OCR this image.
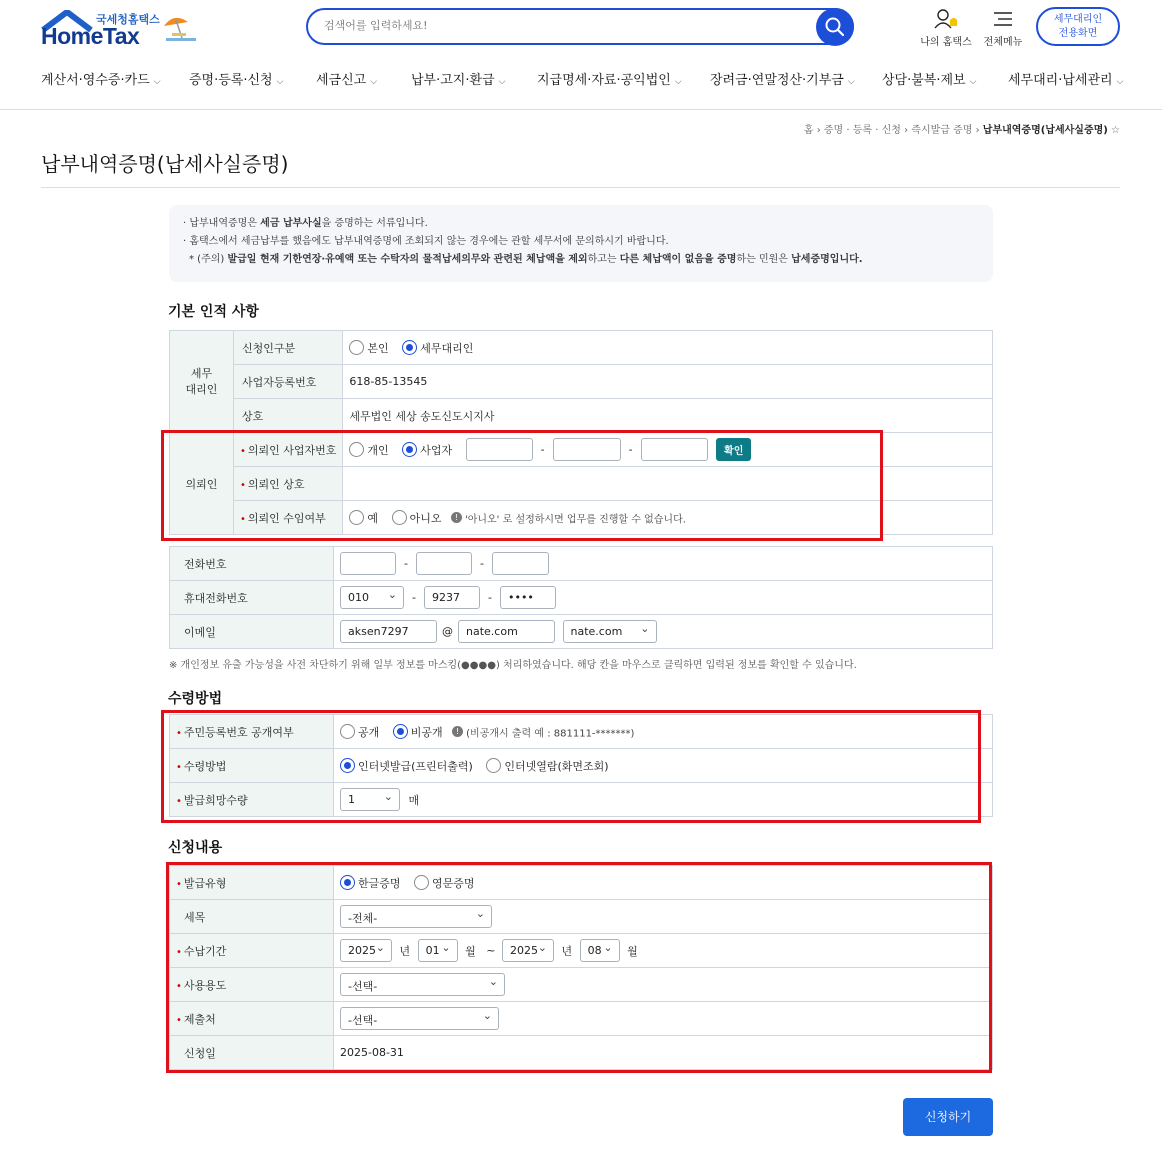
국세청홈택스
HomeTax
검색어를 입력하세요!	나의 홈택스 전체메뉴
세무대리인
전용화면
계산서·영수증·카드 ⌵ 증명·등록·신청 ⌵	세금신고 ⌵	납부·고지·환급 ⌵ 지급명세·자료·공익법인 ⌵ 장려금·연말정산·기부금 ⌵ 상담·불복·제보 ⌵ 세무대리·납세관리 ⌵
홈 › 증명 · 등록 · 신청 › 즉시발급 증명 › 납부내역증명(납세사실증명) ☆
납부내역증명(납세사실증명)

· 납부내역증명은 세금 납부사실을 증명하는 서류입니다.

· 홈택스에서 세금납부를 했음에도 납부내역증명에 조회되지 않는 경우에는 관할 세무서에 문의하시기 바랍니다.

* (주의) 발급일 현재 기한연장·유예액 또는 수탁자의 물적납세의무와 관련된 체납액을 제외하고는 다른 체납액이 없음을 증명하는 민원은 납세증명입니다.

기본 인적 사항
세무
대리인	신청인구분	본인 세무대리인
	사업자등록번호	618-85-13545
	상호	세무법인 세상 송도신도시지사
의뢰인	• 의뢰인 사업자번호	개인 사업자 - - 확인
	• 의뢰인 상호	
	• 의뢰인 수임여부	예 아니오 ! '아니오' 로 설정하시면 업무를 진행할 수 없습니다.
전화번호	- -
휴대전화번호	010 ⌄ - 9237 - ••••
이메일	aksen7297 @ nate.com nate.com ⌄
※ 개인정보 유출 가능성을 사전 차단하기 위해 일부 정보를 마스킹(●●●●) 처리하였습니다. 해당 칸을 마우스로 클릭하면 입력된 정보를 확인할 수 있습니다.
수령방법
• 주민등록번호 공개여부	공개 비공개 ! (비공개시 출력 예 : 881111-*******)
• 수령방법	인터넷발급(프린터출력) 인터넷열람(화면조회)
• 발급희망수량	1 ⌄ 매
신청내용
• 발급유형	한글증명 영문증명
세목	-전체- ⌄
• 수납기간	2025 ⌄ 년 01 ⌄ 월 ~ 2025 ⌄ 년 08 ⌄ 월
• 사용용도	-선택- ⌄
• 제출처	-선택- ⌄
신청일	2025-08-31
신청하기
